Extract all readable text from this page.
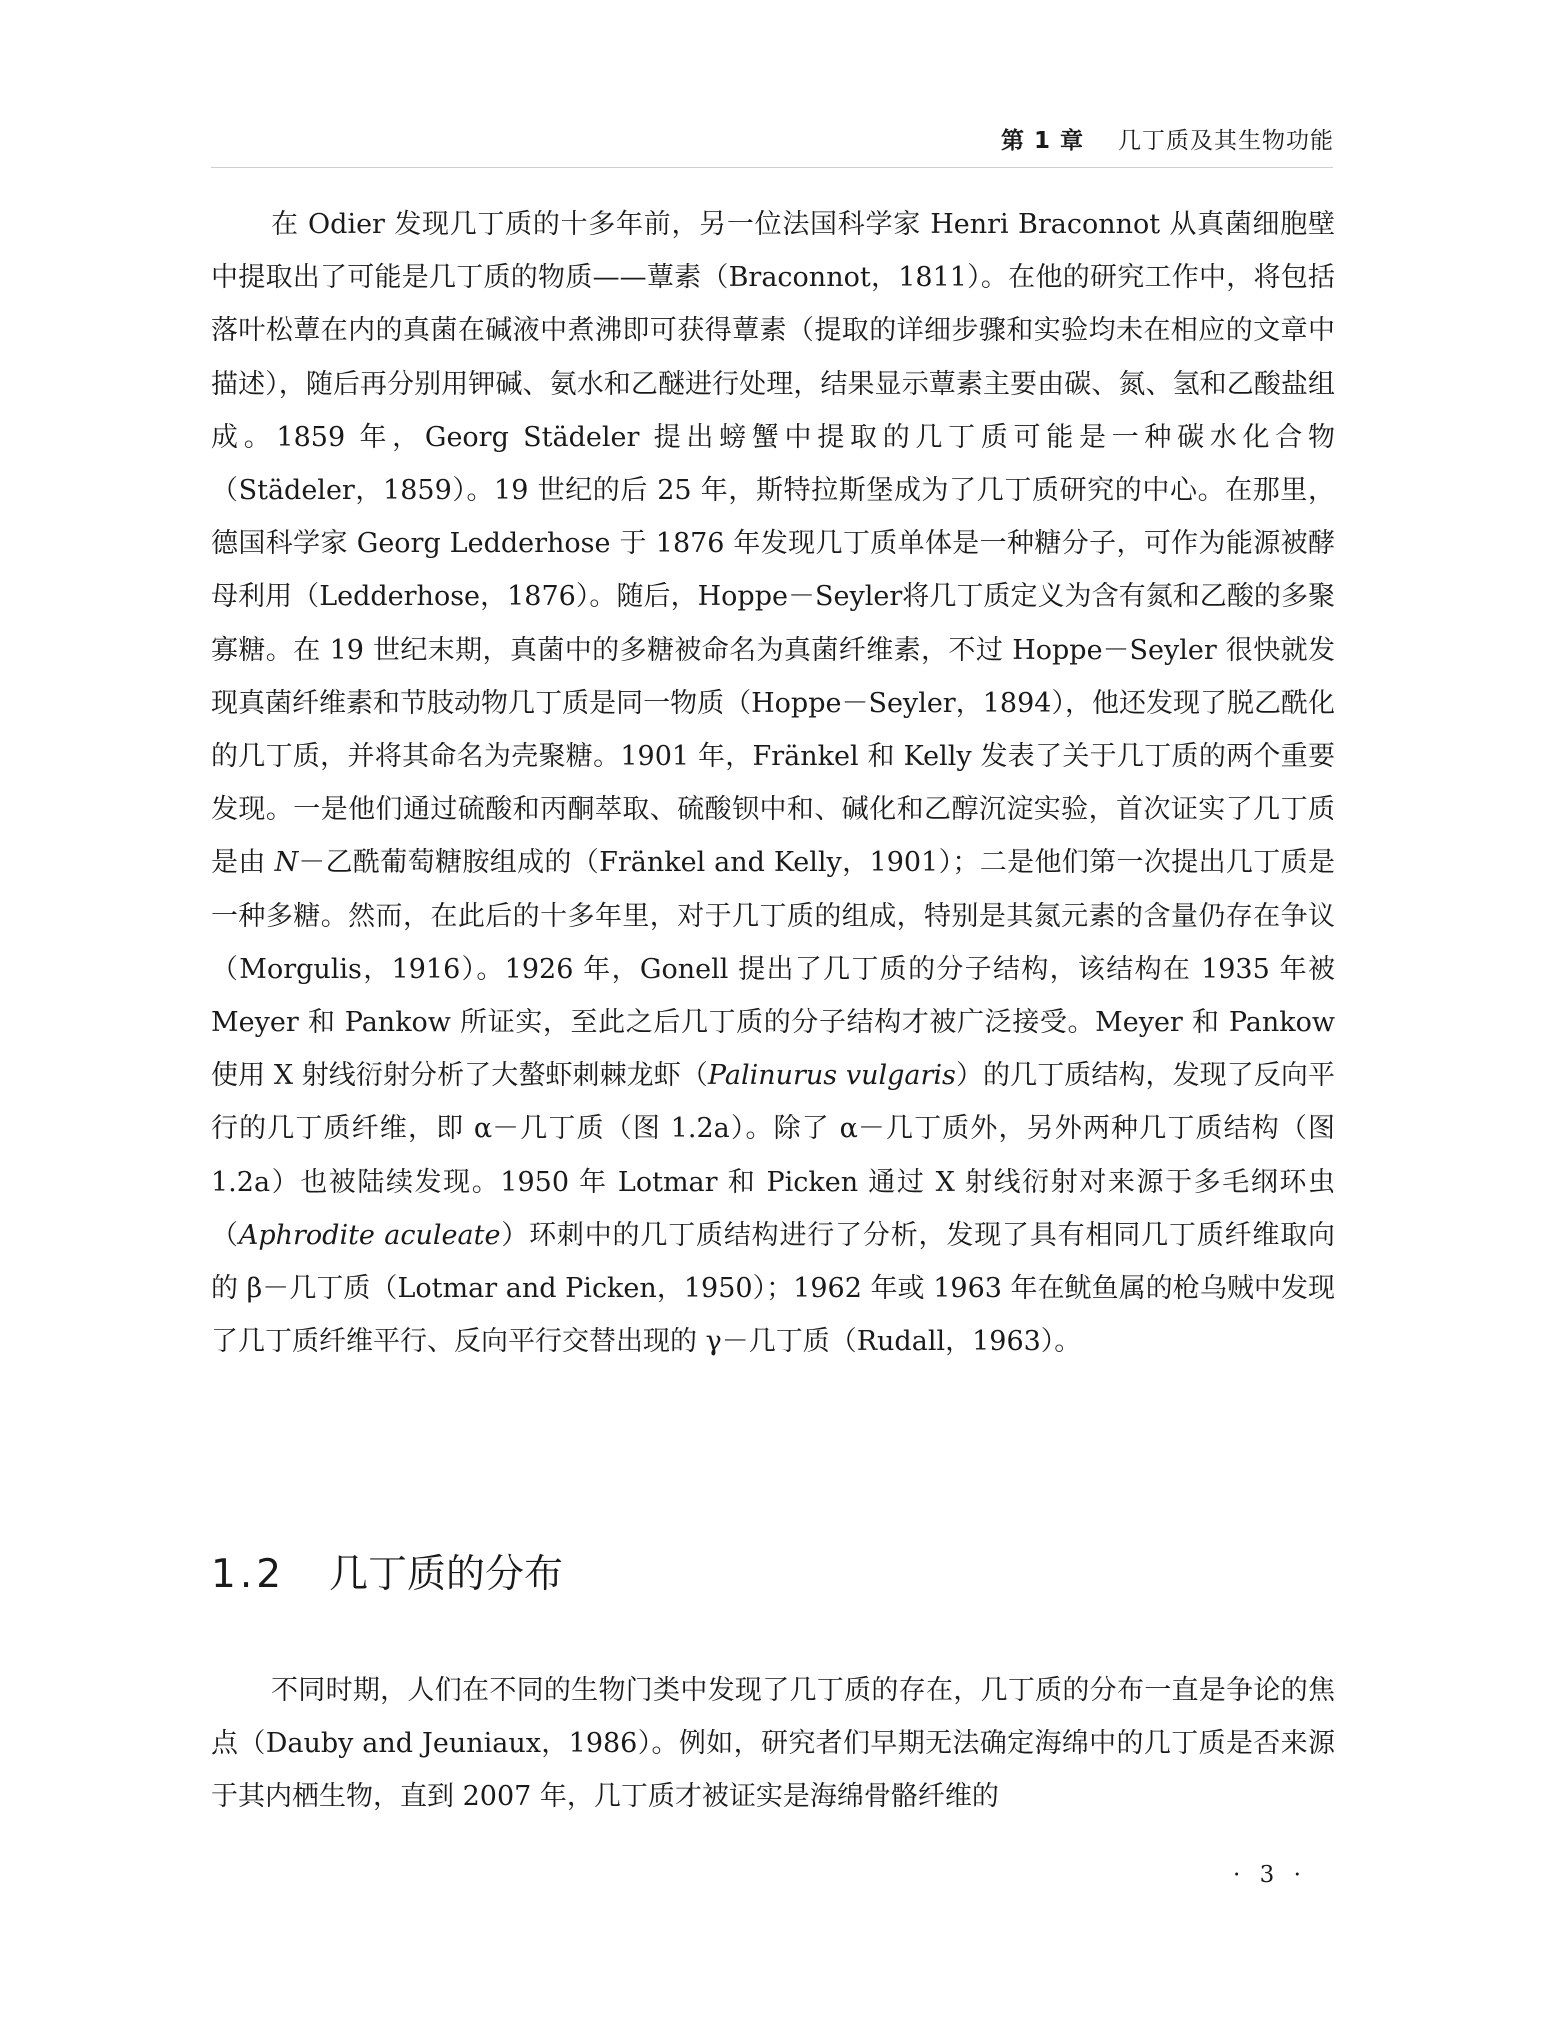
第 1 章 几丁质及其生物功能

在 Odier 发现几丁质的十多年前，另一位法国科学家 Henri Braconnot 从真菌细胞壁中提取出了可能是几丁质的物质——蕈素（Braconnot，1811）。在他的研究工作中，将包括落叶松蕈在内的真菌在碱液中煮沸即可获得蕈素（提取的详细步骤和实验均未在相应的文章中描述），随后再分别用钾碱、氨水和乙醚进行处理，结果显示蕈素主要由碳、氮、氢和乙酸盐组成。1859 年，Georg Städeler 提出螃蟹中提取的几丁质可能是一种碳水化合物（Städeler，1859）。19 世纪的后 25 年，斯特拉斯堡成为了几丁质研究的中心。在那里，德国科学家 Georg Ledderhose 于 1876 年发现几丁质单体是一种糖分子，可作为能源被酵母利用（Ledderhose，1876）。随后，Hoppe－Seyler将几丁质定义为含有氮和乙酸的多聚寡糖。在 19 世纪末期，真菌中的多糖被命名为真菌纤维素，不过 Hoppe－Seyler 很快就发现真菌纤维素和节肢动物几丁质是同一物质（Hoppe－Seyler，1894），他还发现了脱乙酰化的几丁质，并将其命名为壳聚糖。1901 年，Fränkel 和 Kelly 发表了关于几丁质的两个重要发现。一是他们通过硫酸和丙酮萃取、硫酸钡中和、碱化和乙醇沉淀实验，首次证实了几丁质是由 N－乙酰葡萄糖胺组成的（Fränkel and Kelly，1901）；二是他们第一次提出几丁质是一种多糖。然而，在此后的十多年里，对于几丁质的组成，特别是其氮元素的含量仍存在争议（Morgulis，1916）。1926 年，Gonell 提出了几丁质的分子结构，该结构在 1935 年被 Meyer 和 Pankow 所证实，至此之后几丁质的分子结构才被广泛接受。Meyer 和 Pankow 使用 X 射线衍射分析了大螯虾刺棘龙虾（Palinurus vulgaris）的几丁质结构，发现了反向平行的几丁质纤维，即 α－几丁质（图 1.2a）。除了 α－几丁质外，另外两种几丁质结构（图 1.2a）也被陆续发现。1950 年 Lotmar 和 Picken 通过 X 射线衍射对来源于多毛纲环虫（Aphrodite aculeate）环刺中的几丁质结构进行了分析，发现了具有相同几丁质纤维取向的 β－几丁质（Lotmar and Picken，1950）；1962 年或 1963 年在鱿鱼属的枪乌贼中发现了几丁质纤维平行、反向平行交替出现的 γ－几丁质（Rudall，1963）。

1.2 几丁质的分布

不同时期，人们在不同的生物门类中发现了几丁质的存在，几丁质的分布一直是争论的焦点（Dauby and Jeuniaux，1986）。例如，研究者们早期无法确定海绵中的几丁质是否来源于其内栖生物，直到 2007 年，几丁质才被证实是海绵骨骼纤维的

· 3 ·
